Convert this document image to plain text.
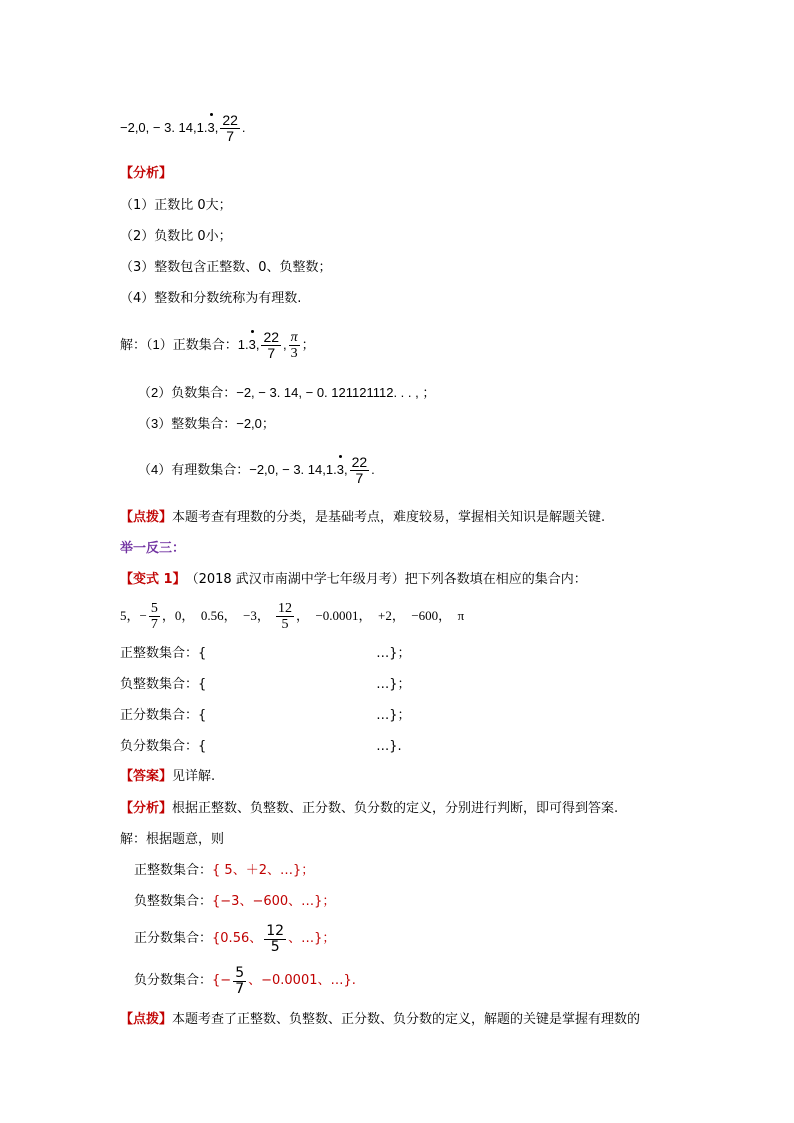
−2,0, − 3. 14,1. 3 , $\frac{22}{7}$ .
【分析】
（1）正数比 0大；
（2）负数比 0小；
（3）整数包含正整数、0、负整数；
（4）整数和分数统称为有理数.
解：（1）正数集合： 1. 3 , $\frac{22}{7}$ , $\frac{\pi}{3}$ ；
（2）负数集合：−2, − 3. 14, − 0. 121121112. . . , ；
（3）整数集合：−2,0；
（4）有理数集合： −2,0, − 3. 14,1. 3 , $\frac{22}{7}$ .
【点拨】 本题考查有理数的分类，是基础考点，难度较易，掌握相关知识是解题关键.
举一反三：
【变式 1】 （2018 武汉市南湖中学七年级月考）把下列各数填在相应的集合内：
5，− $\frac{5}{7}$ ，0，  0.56，  −3， $\frac{12}{5}$ ，  −0.0001，  +2，  −600，  π
正整数集合：{	…}；
负整数集合：{	…}；
正分数集合：{	…}；
负分数集合：{	…}.
【答案】 见详解.
【分析】 根据正整数、负整数、正分数、负分数的定义，分别进行判断，即可得到答案.
解：根据题意，则
正整数集合： { 5、＋2、…}；
负整数集合： {−3、−600、…}；
正分数集合： {0.56、 $\frac{12}{5}$ 、…}；
负分数集合： {− $\frac{5}{7}$ 、−0.0001、…}.
【点拨】 本题考查了正整数、负整数、正分数、负分数的定义，解题的关键是掌握有理数的
